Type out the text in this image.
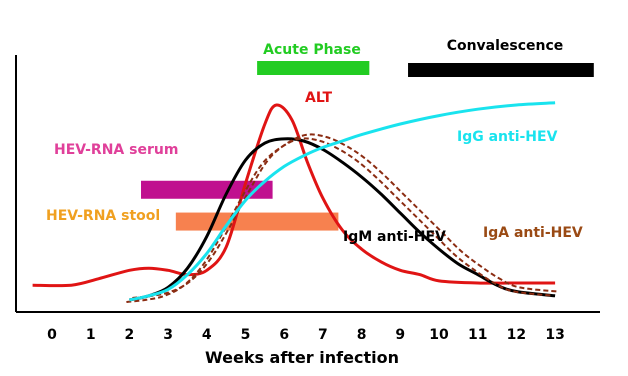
0 1 2 3 4 5 6 7 8 9 10 11 12 13
Acute Phase	Convalescence
HEV-RNA serum
HEV-RNA stool
ALT
IgG anti-HEV
IgM anti-HEV	IgA anti-HEV
Weeks after infection
